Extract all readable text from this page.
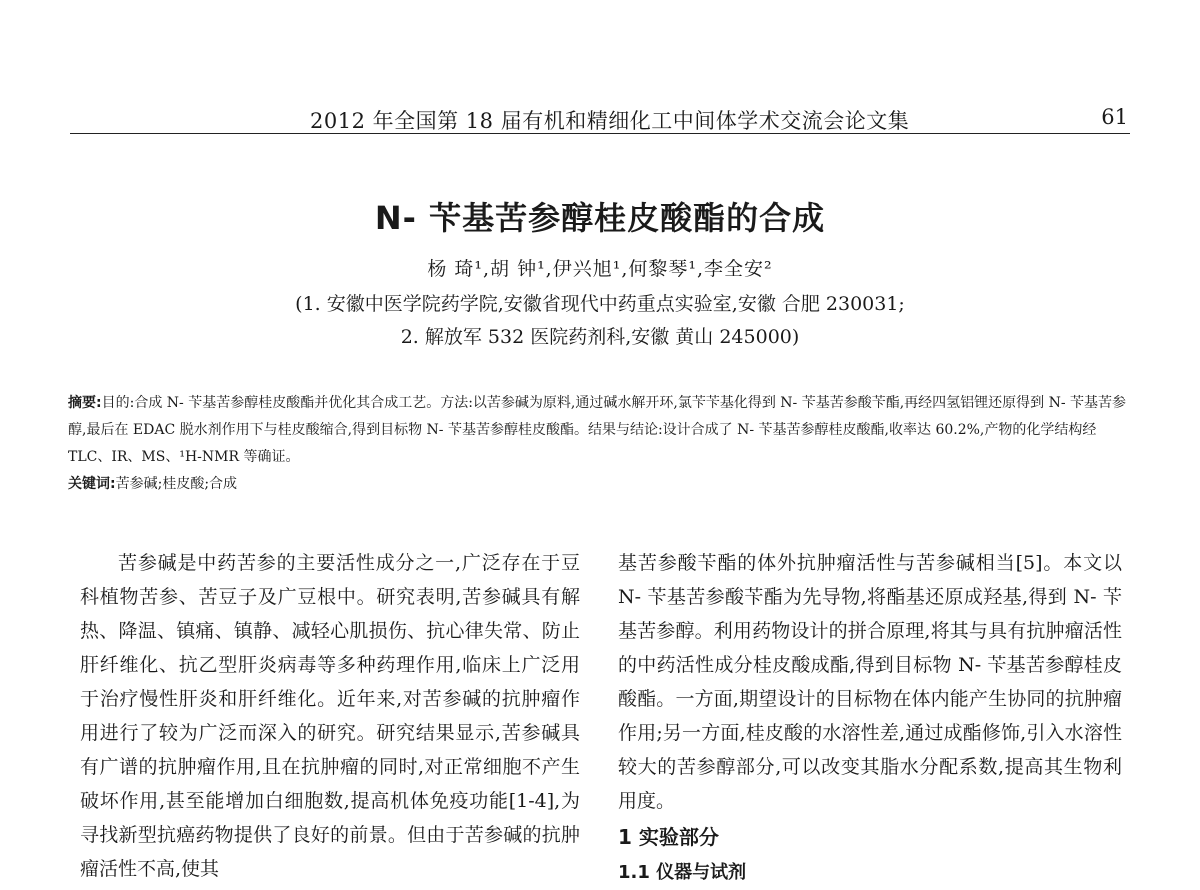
2012 年全国第 18 届有机和精细化工中间体学术交流会论文集	61
N- 苄基苦参醇桂皮酸酯的合成
杨 琦¹,胡 钟¹,伊兴旭¹,何黎琴¹,李全安²
(1. 安徽中医学院药学院,安徽省现代中药重点实验室,安徽 合肥 230031;
2. 解放军 532 医院药剂科,安徽 黄山 245000)

摘要:目的:合成 N- 苄基苦参醇桂皮酸酯并优化其合成工艺。方法:以苦参碱为原料,通过碱水解开环,氯苄苄基化得到 N- 苄基苦参酸苄酯,再经四氢铝锂还原得到 N- 苄基苦参醇,最后在 EDAC 脱水剂作用下与桂皮酸缩合,得到目标物 N- 苄基苦参醇桂皮酸酯。结果与结论:设计合成了 N- 苄基苦参醇桂皮酸酯,收率达 60.2%,产物的化学结构经 TLC、IR、MS、¹H-NMR 等确证。

关键词:苦参碱;桂皮酸;合成

苦参碱是中药苦参的主要活性成分之一,广泛存在于豆科植物苦参、苦豆子及广豆根中。研究表明,苦参碱具有解热、降温、镇痛、镇静、减轻心肌损伤、抗心律失常、防止肝纤维化、抗乙型肝炎病毒等多种药理作用,临床上广泛用于治疗慢性肝炎和肝纤维化。近年来,对苦参碱的抗肿瘤作用进行了较为广泛而深入的研究。研究结果显示,苦参碱具有广谱的抗肿瘤作用,且在抗肿瘤的同时,对正常细胞不产生破坏作用,甚至能增加白细胞数,提高机体免疫功能[1-4],为寻找新型抗癌药物提供了良好的前景。但由于苦参碱的抗肿瘤活性不高,使其

基苦参酸苄酯的体外抗肿瘤活性与苦参碱相当[5]。本文以 N- 苄基苦参酸苄酯为先导物,将酯基还原成羟基,得到 N- 苄基苦参醇。利用药物设计的拼合原理,将其与具有抗肿瘤活性的中药活性成分桂皮酸成酯,得到目标物 N- 苄基苦参醇桂皮酸酯。一方面,期望设计的目标物在体内能产生协同的抗肿瘤作用;另一方面,桂皮酸的水溶性差,通过成酯修饰,引入水溶性较大的苦参醇部分,可以改变其脂水分配系数,提高其生物利用度。

1 实验部分
1.1 仪器与试剂
